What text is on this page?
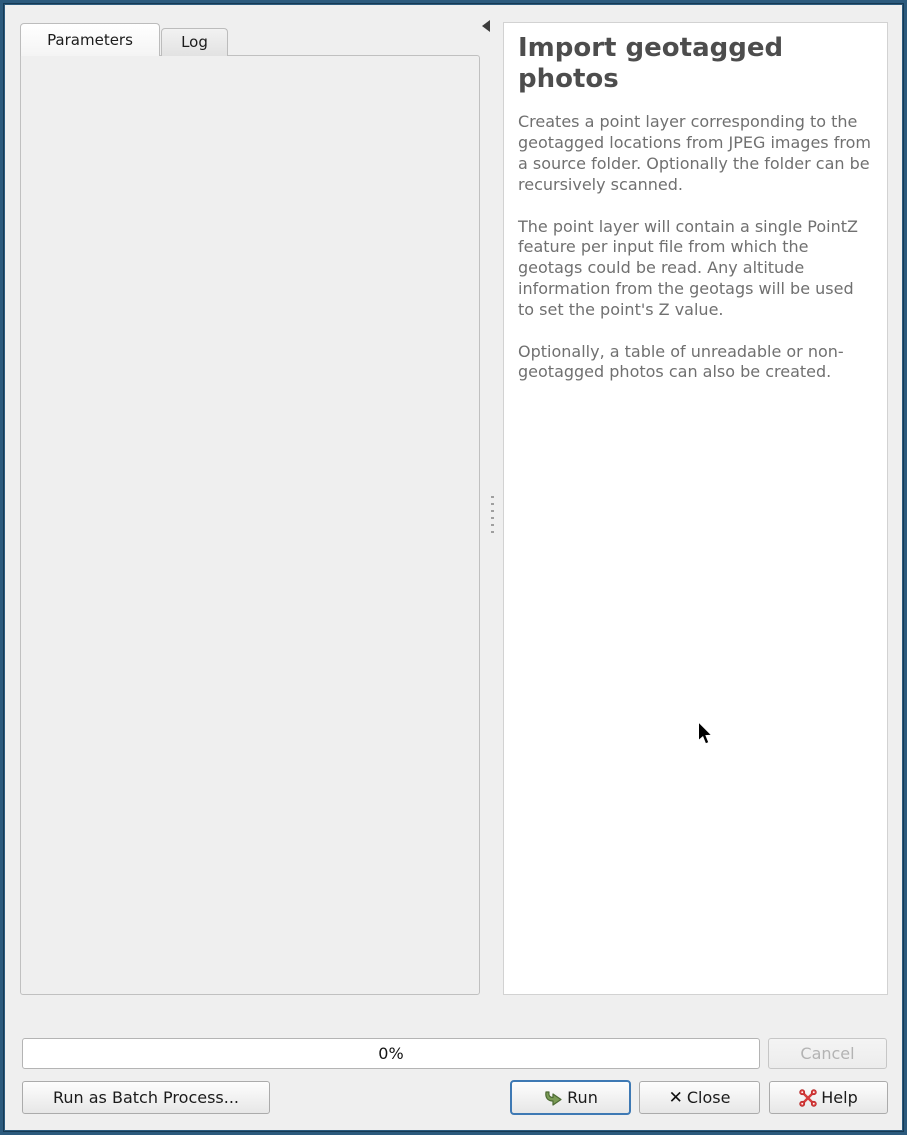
Parameters	Log
[Create temporary layer]
[Skip output]	Import geotagged photos

Creates a point layer corresponding to the geotagged locations from JPEG images from a source folder. Optionally the folder can be recursively scanned.

The point layer will contain a single PointZ feature per input file from which the geotags could be read. Any altitude information from the geotags will be used to set the point's Z value.

Optionally, a table of unreadable or non-geotagged photos can also be created.

0%	Cancel
Run as Batch Process...	Run	✕ Close	Help
